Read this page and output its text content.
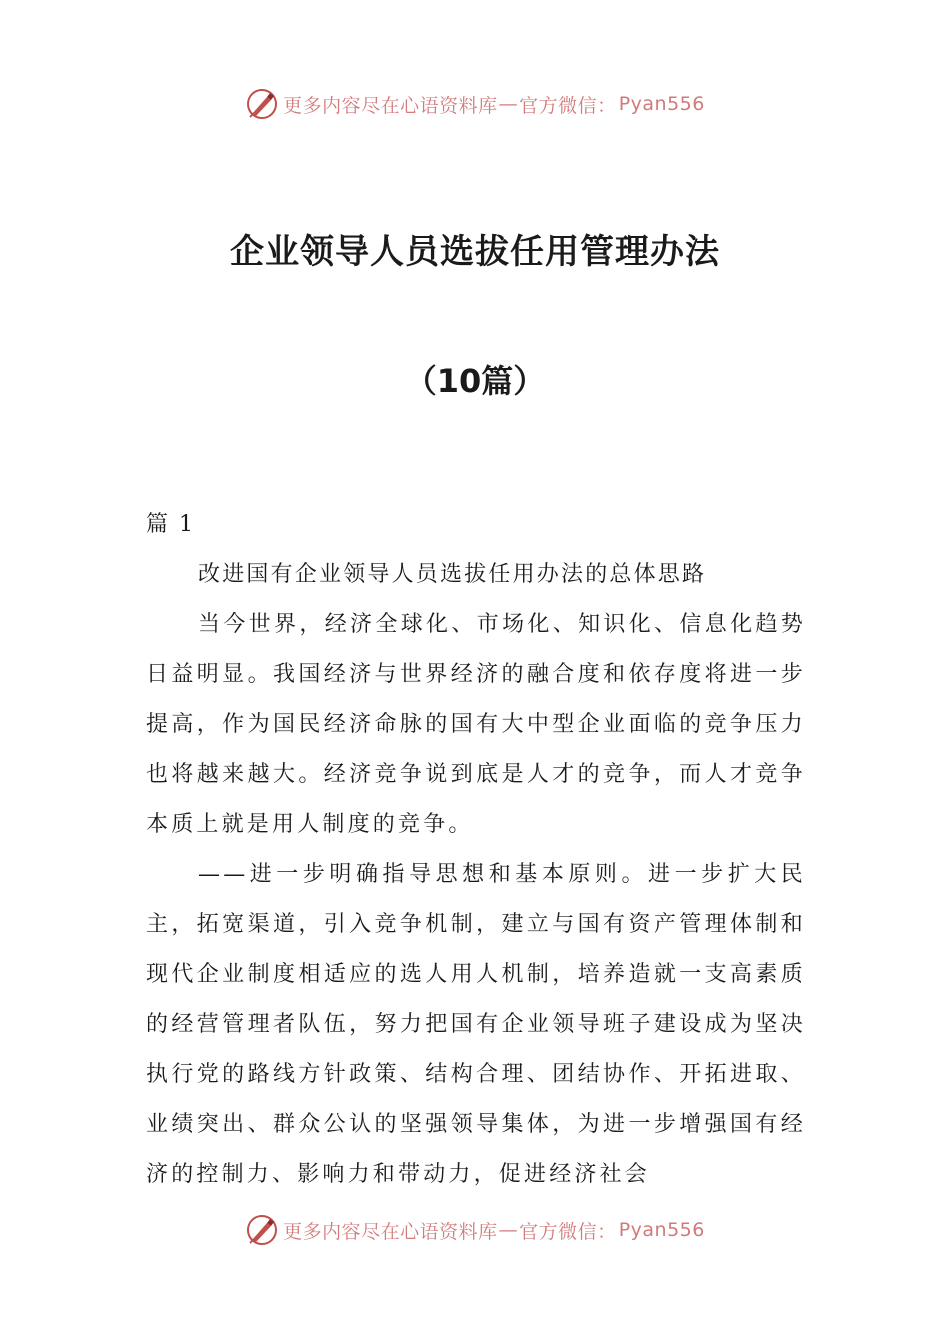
更多内容尽在心语资料库 — 官方微信： Pyan556
企业领导人员选拔任用管理办法
（10篇）
篇 1
改进国有企业领导人员选拔任用办法的总体思路

当今世界，经济全球化、市场化、知识化、信息化趋势日益明显。我国经济与世界经济的融合度和依存度将进一步提高，作为国民经济命脉的国有大中型企业面临的竞争压力也将越来越大。经济竞争说到底是人才的竞争，而人才竞争本质上就是用人制度的竞争。

——进一步明确指导思想和基本原则。进一步扩大民主，拓宽渠道，引入竞争机制，建立与国有资产管理体制和现代企业制度相适应的选人用人机制，培养造就一支高素质的经营管理者队伍，努力把国有企业领导班子建设成为坚决执行党的路线方针政策、结构合理、团结协作、开拓进取、业绩突出、群众公认的坚强领导集体，为进一步增强国有经济的控制力、影响力和带动力，促进经济社会

更多内容尽在心语资料库 — 官方微信： Pyan556
